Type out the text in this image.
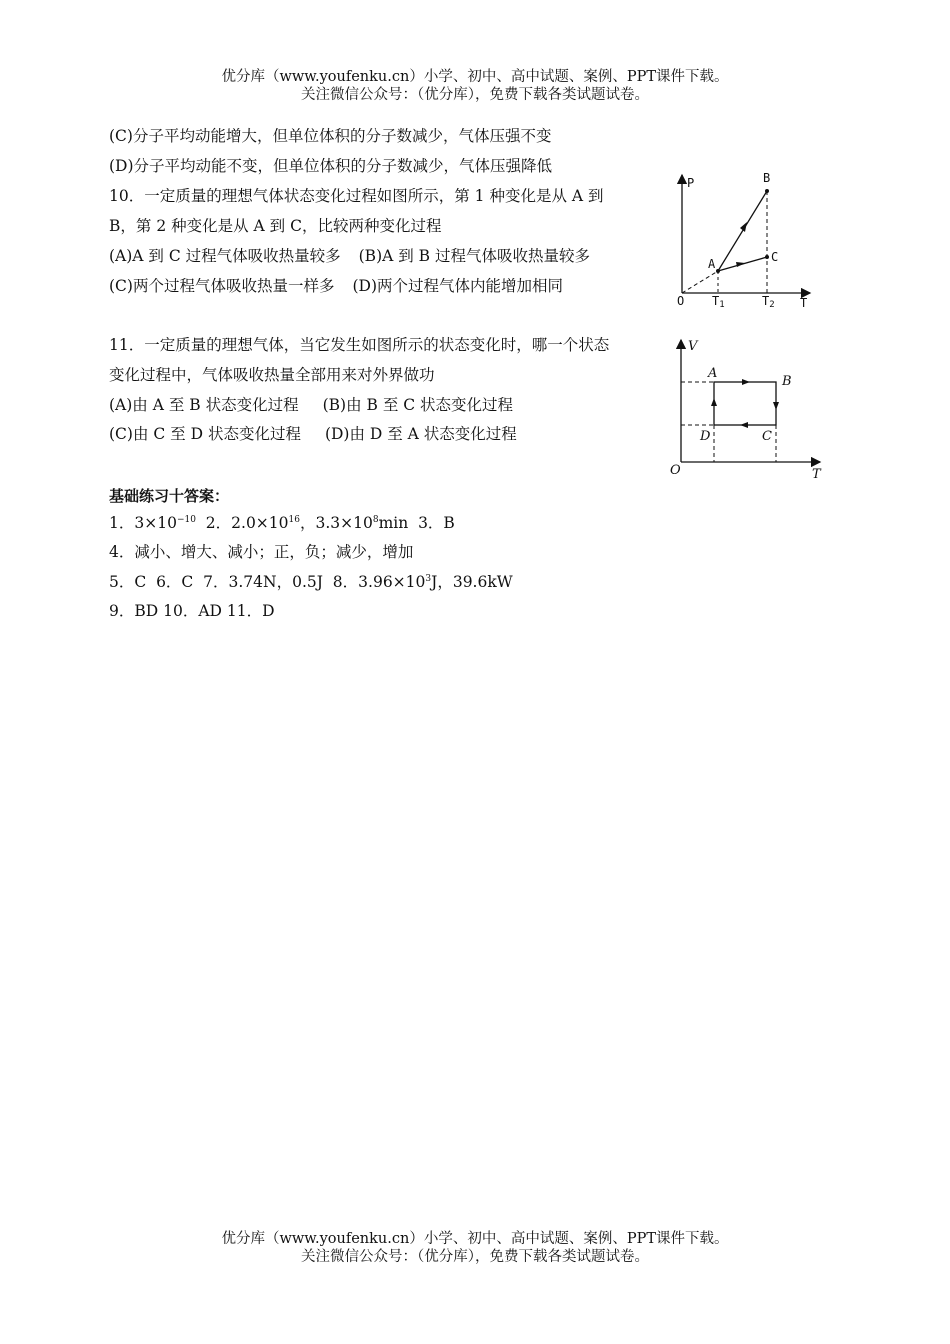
优分库（www.youfenku.cn）小学、初中、高中试题、案例、PPT课件下载。
关注微信公众号：（优分库），免费下载各类试题试卷。
(C)分子平均动能增大，但单位体积的分子数减少，气体压强不变
(D)分子平均动能不变，但单位体积的分子数减少，气体压强降低
10．一定质量的理想气体状态变化过程如图所示，第 1 种变化是从 A 到
B，第 2 种变化是从 A 到 C，比较两种变化过程
(A)A 到 C 过程气体吸收热量较多 (B)A 到 B 过程气体吸收热量较多
(C)两个过程气体吸收热量一样多 (D)两个过程气体内能增加相同
P
T
O
A
B
C
T1	T2
11．一定质量的理想气体，当它发生如图所示的状态变化时，哪一个状态
变化过程中，气体吸收热量全部用来对外界做功
(A)由 A 至 B 状态变化过程 (B)由 B 至 C 状态变化过程
(C)由 C 至 D 状态变化过程 (D)由 D 至 A 状态变化过程
V
T
O
A
B
C
D
基础练习十答案：
1．$3\times 10^{-10}$  2．$2.0\times 10^{16}$，$3.3\times 10^8\min$  3．B
4．减小、增大、减小；正，负；减少，增加
5．C  6．C  7．3.74N，0.5J  8．$3.96\times 10^3J$，39.6kW
9．BD 10．AD 11．D
优分库（www.youfenku.cn）小学、初中、高中试题、案例、PPT课件下载。
关注微信公众号：（优分库），免费下载各类试题试卷。
